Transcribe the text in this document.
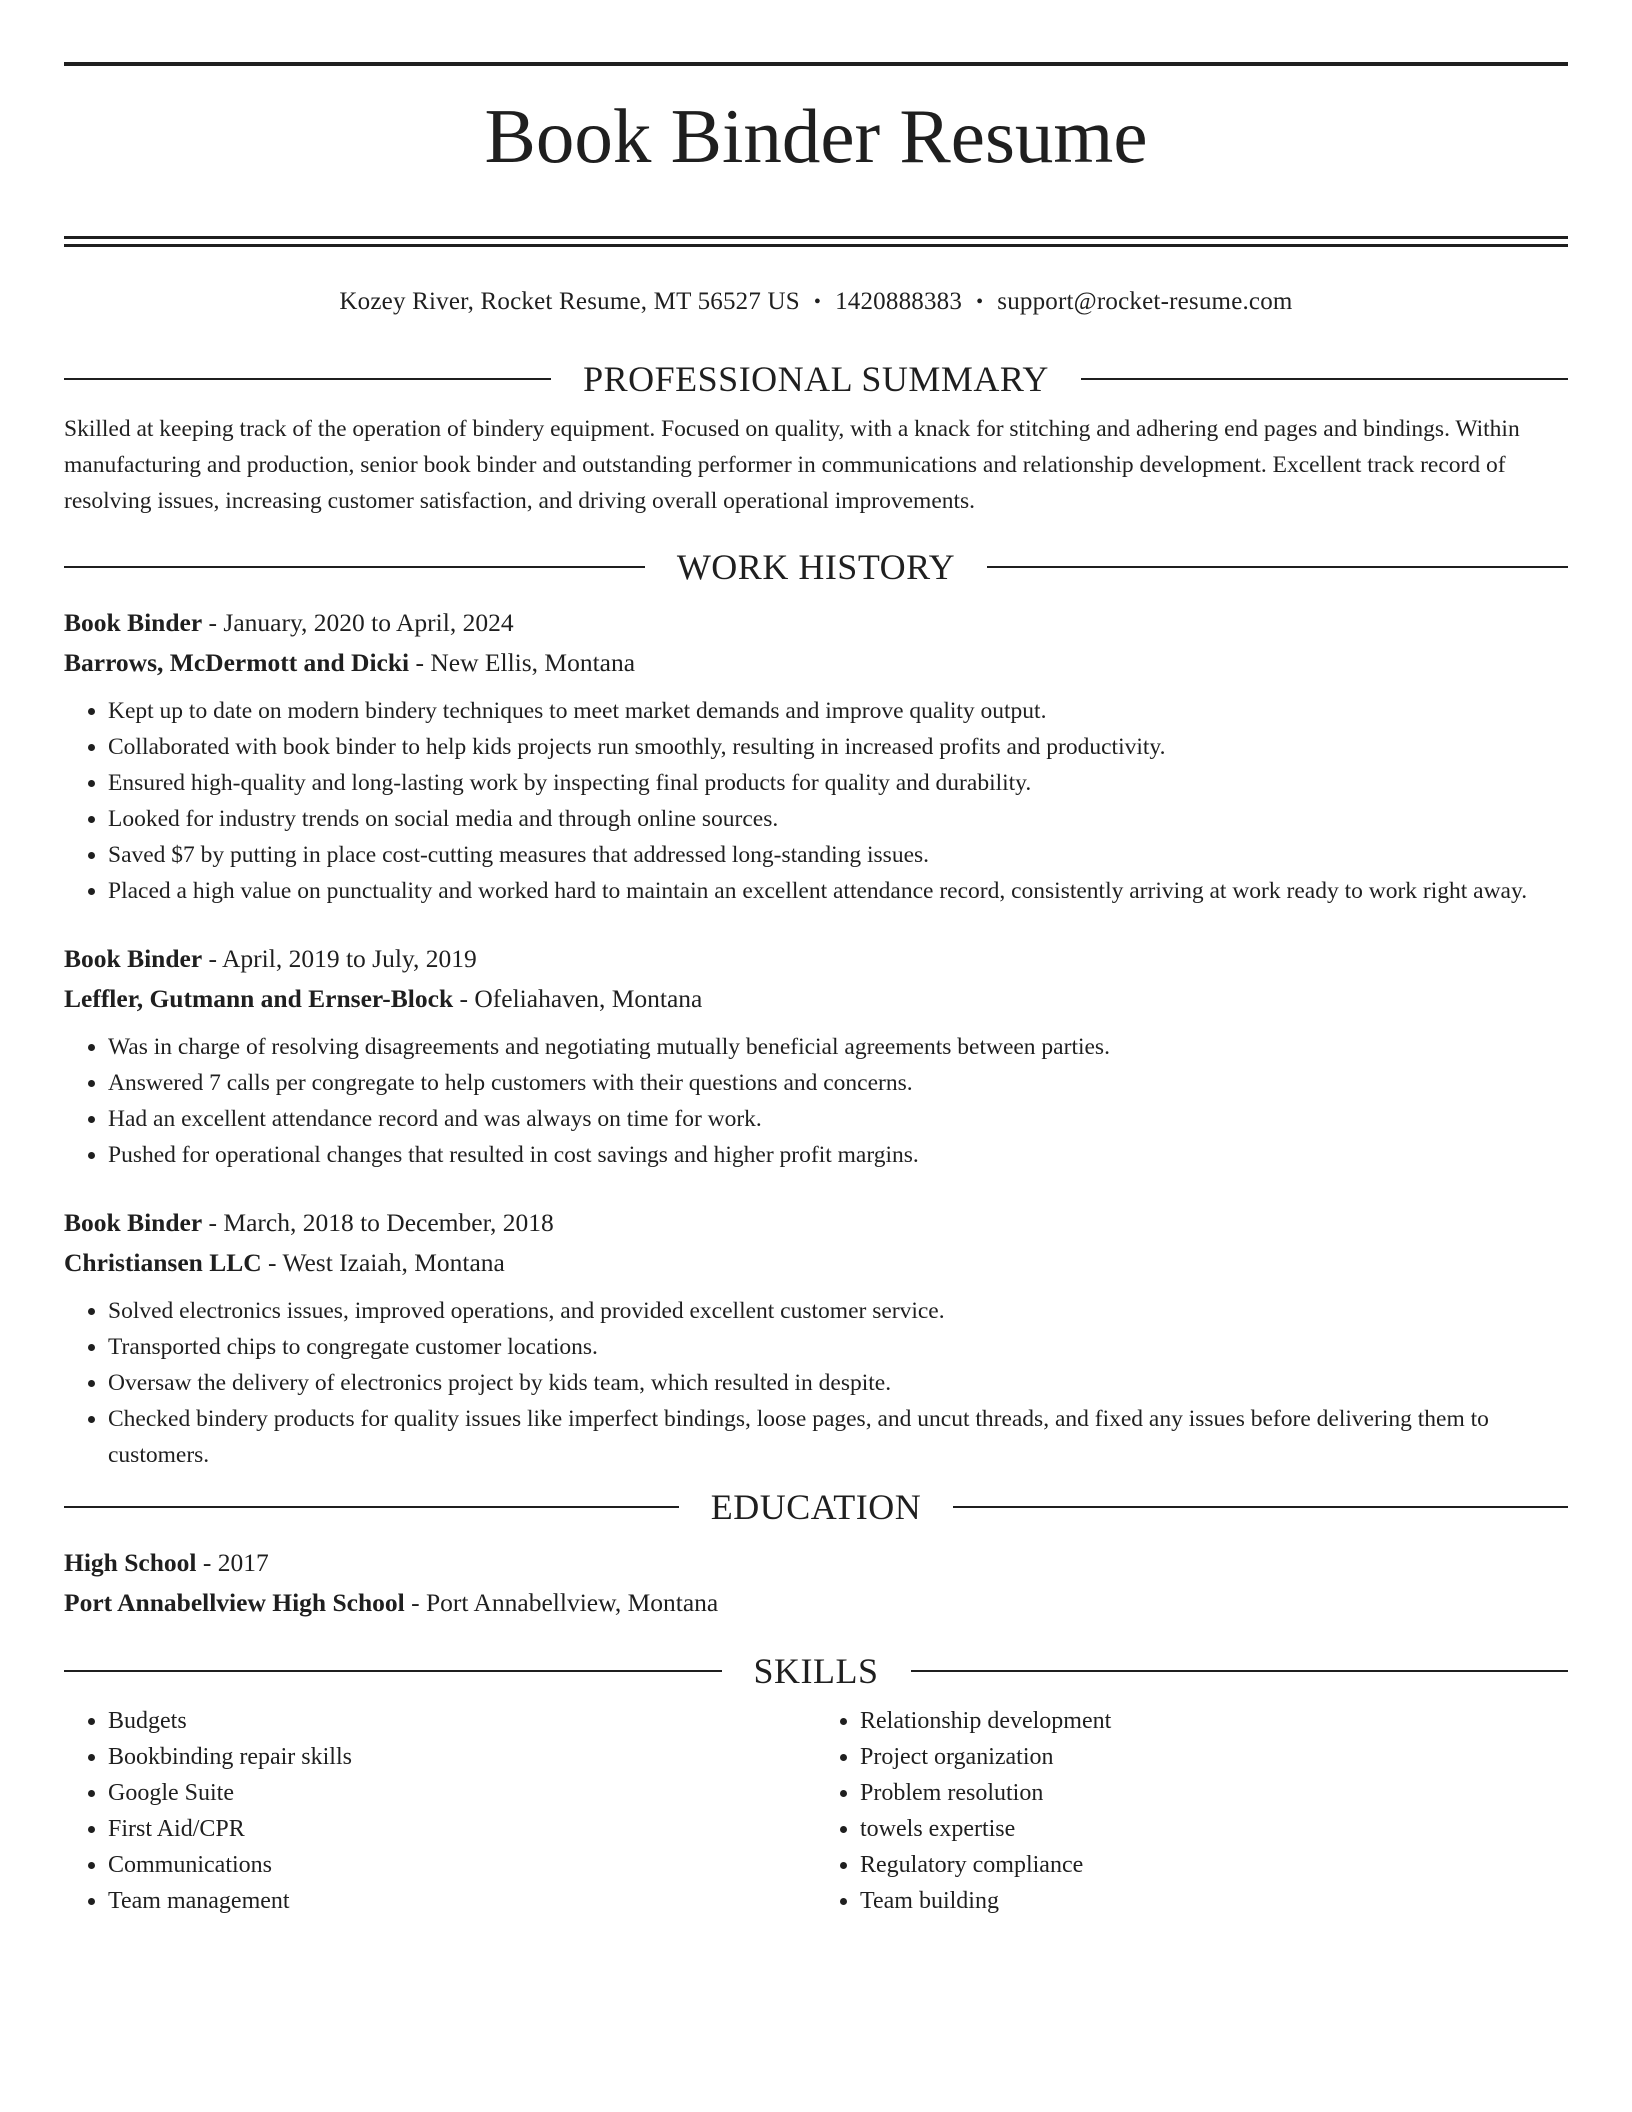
Book Binder Resume
Kozey River, Rocket Resume, MT 56527 US • 1420888383 • support@rocket-resume.com
PROFESSIONAL SUMMARY

Skilled at keeping track of the operation of bindery equipment. Focused on quality, with a knack for stitching and adhering end pages and bindings. Within manufacturing and production, senior book binder and outstanding performer in communications and relationship development. Excellent track record of resolving issues, increasing customer satisfaction, and driving overall operational improvements.

WORK HISTORY
Book Binder - January, 2020 to April, 2024
Barrows, McDermott and Dicki - New Ellis, Montana
• Kept up to date on modern bindery techniques to meet market demands and improve quality output.
• Collaborated with book binder to help kids projects run smoothly, resulting in increased profits and productivity.
• Ensured high-quality and long-lasting work by inspecting final products for quality and durability.
• Looked for industry trends on social media and through online sources.
• Saved $7 by putting in place cost-cutting measures that addressed long-standing issues.
• Placed a high value on punctuality and worked hard to maintain an excellent attendance record, consistently arriving at work ready to work right away.
Book Binder - April, 2019 to July, 2019
Leffler, Gutmann and Ernser-Block - Ofeliahaven, Montana
• Was in charge of resolving disagreements and negotiating mutually beneficial agreements between parties.
• Answered 7 calls per congregate to help customers with their questions and concerns.
• Had an excellent attendance record and was always on time for work.
• Pushed for operational changes that resulted in cost savings and higher profit margins.
Book Binder - March, 2018 to December, 2018
Christiansen LLC - West Izaiah, Montana
• Solved electronics issues, improved operations, and provided excellent customer service.
• Transported chips to congregate customer locations.
• Oversaw the delivery of electronics project by kids team, which resulted in despite.
• Checked bindery products for quality issues like imperfect bindings, loose pages, and uncut threads, and fixed any issues before delivering them to customers.
EDUCATION
High School - 2017
Port Annabellview High School - Port Annabellview, Montana
SKILLS
• Budgets
• Bookbinding repair skills
• Google Suite
• First Aid/CPR
• Communications
• Team management
• Relationship development
• Project organization
• Problem resolution
• towels expertise
• Regulatory compliance
• Team building
